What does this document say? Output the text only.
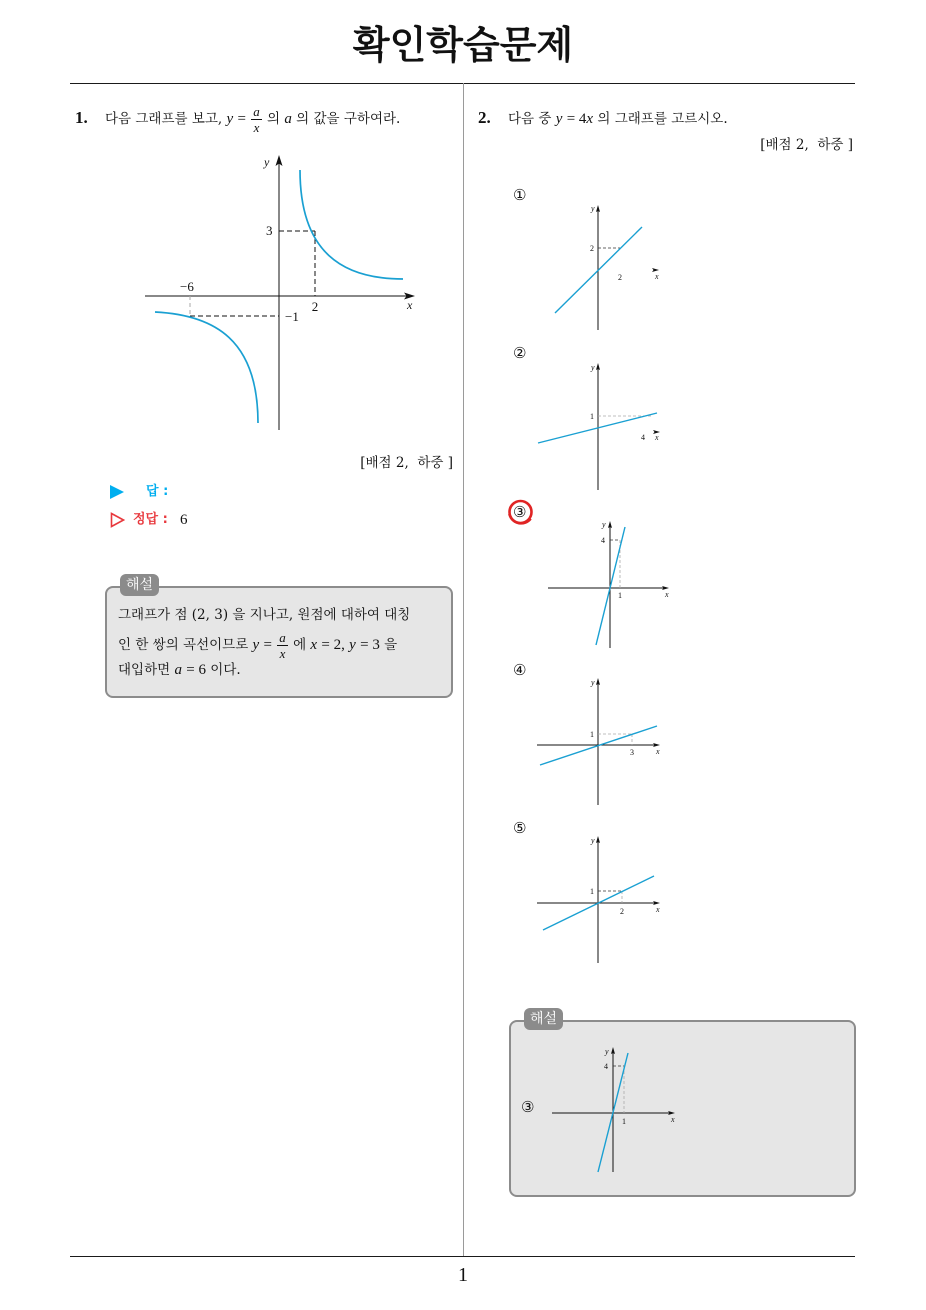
확인학습문제
1
1. 다음 그래프를 보고, $y = \frac{a}{x}$ 의 a 의 값을 구하여라.
y
x
3
2
−6
−1
[배점 2,  하중 ]
답 :
정답 : 6
해설
그래프가 점 (2, 3) 을 지나고, 원점에 대하여 대칭
인 한 쌍의 곡선이므로 $y = \frac{a}{x}$ 에 x = 2, y = 3 을
대입하면 a = 6 이다.
2. 다음 중 y = 4x 의 그래프를 고르시오.
[배점 2,  하중 ]
①
y
x
2
2
②
y
x
1
4
③
y
x
4
1
④
y
x
1
3
⑤
y
x
1
2
해설
③
y
x
4
1
